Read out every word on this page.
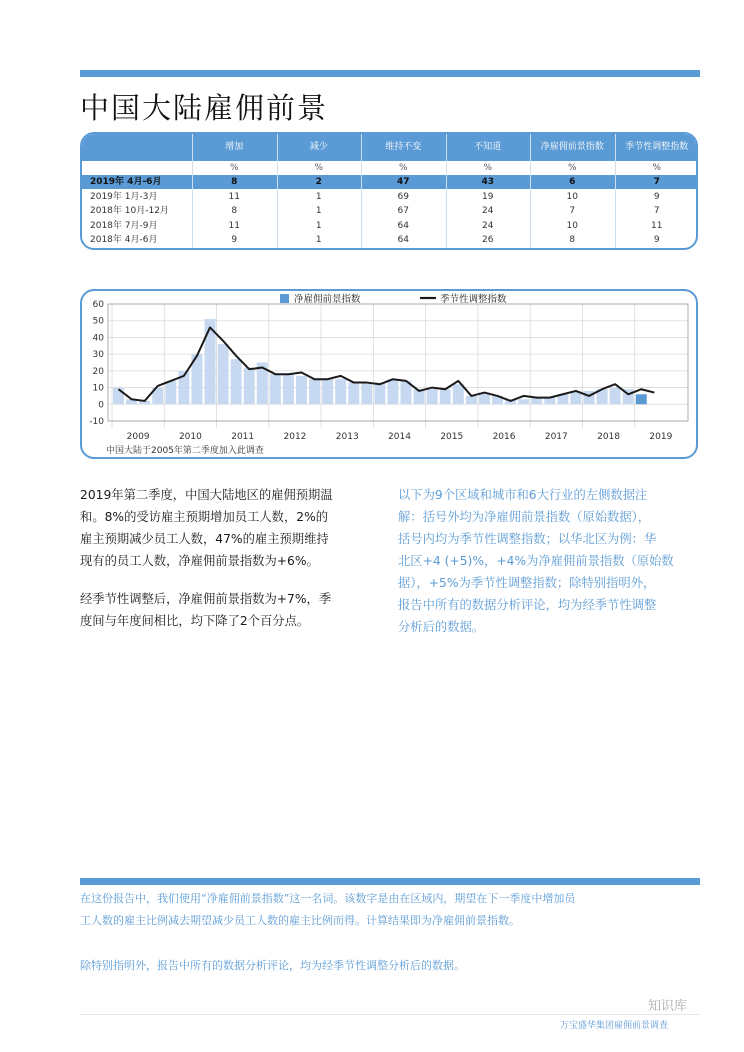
中国大陆雇佣前景
增加	减少	维持不变	不知道	净雇佣前景指数	季节性调整指数
%	%	%	%	%	%
2019年 4月-6月	8	2	47	43	6	7
2019年 1月-3月	11	1	69	19	10	9
2018年 10月-12月	8	1	67	24	7	7
2018年 7月-9月	11	1	64	24	10	11
2018年 4月-6月	9	1	64	26	8	9
60
50
40
30
20
10
0
-10
2009	2010	2011	2012	2013	2014	2015	2016	2017	2018	2019
净雇佣前景指数	季节性调整指数
中国大陆于2005年第二季度加入此调查
2019年第二季度，中国大陆地区的雇佣预期温
和。8%的受访雇主预期增加员工人数，2%的
雇主预期减少员工人数，47%的雇主预期维持
现有的员工人数，净雇佣前景指数为+6%。
经季节性调整后，净雇佣前景指数为+7%，季
度间与年度间相比，均下降了2个百分点。
以下为9个区域和城市和6大行业的左侧数据注
解：括号外均为净雇佣前景指数（原始数据），
括号内均为季节性调整指数；以华北区为例：华
北区+4 (+5)%，+4%为净雇佣前景指数（原始数
据），+5%为季节性调整指数；除特别指明外，
报告中所有的数据分析评论，均为经季节性调整
分析后的数据。
在这份报告中，我们使用“净雇佣前景指数”这一名词。该数字是由在区域内，期望在下一季度中增加员
工人数的雇主比例减去期望减少员工人数的雇主比例而得。计算结果即为净雇佣前景指数。
除特别指明外，报告中所有的数据分析评论，均为经季节性调整分析后的数据。
知识库
万宝盛华集团雇佣前景调查
